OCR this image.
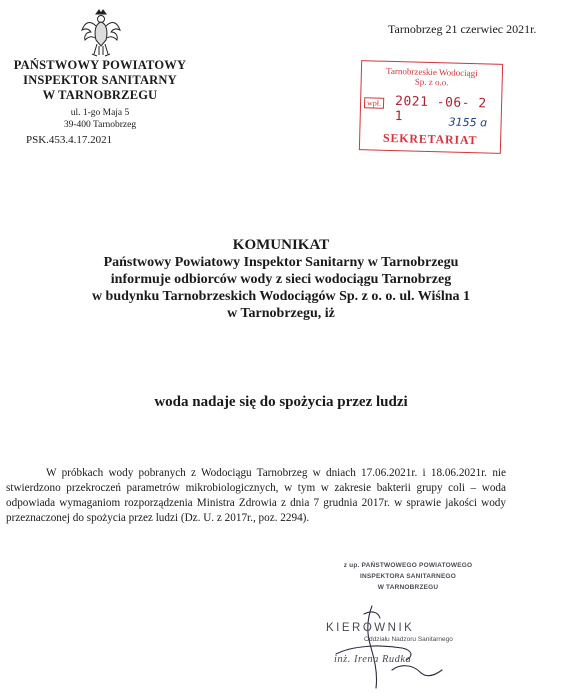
PAŃSTWOWY POWIATOWY
INSPEKTOR SANITARNY
W TARNOBRZEGU
ul. 1-go Maja 5
39-400 Tarnobrzeg
PSK.453.4.17.2021
Tarnobrzeg 21 czerwiec 2021r.
Tarnobrzeskie Wodociągi
Sp. z o.o.
wpł. 2021 -06- 2 1	3155 ɑ
SEKRETARIAT
KOMUNIKAT
Państwowy Powiatowy Inspektor Sanitarny w Tarnobrzegu
informuje odbiorców wody z sieci wodociągu Tarnobrzeg
w budynku Tarnobrzeskich Wodociągów Sp. z o. o. ul. Wiślna 1
w Tarnobrzegu, iż
woda nadaje się do spożycia przez ludzi
W próbkach wody pobranych z Wodociągu Tarnobrzeg w dniach 17.06.2021r. i 18.06.2021r. nie stwierdzono przekroczeń parametrów mikrobiologicznych, w tym w zakresie bakterii grupy coli – woda odpowiada wymaganiom rozporządzenia Ministra Zdrowia z dnia 7 grudnia 2017r. w sprawie jakości wody przeznaczonej do spożycia przez ludzi (Dz. U. z 2017r., poz. 2294).
z up. PAŃSTWOWEGO POWIATOWEGO
INSPEKTORA SANITARNEGO
W TARNOBRZEGU
KIEROWNIK
Oddziału Nadzoru Sanitarnego
inż. Irena Rudka
